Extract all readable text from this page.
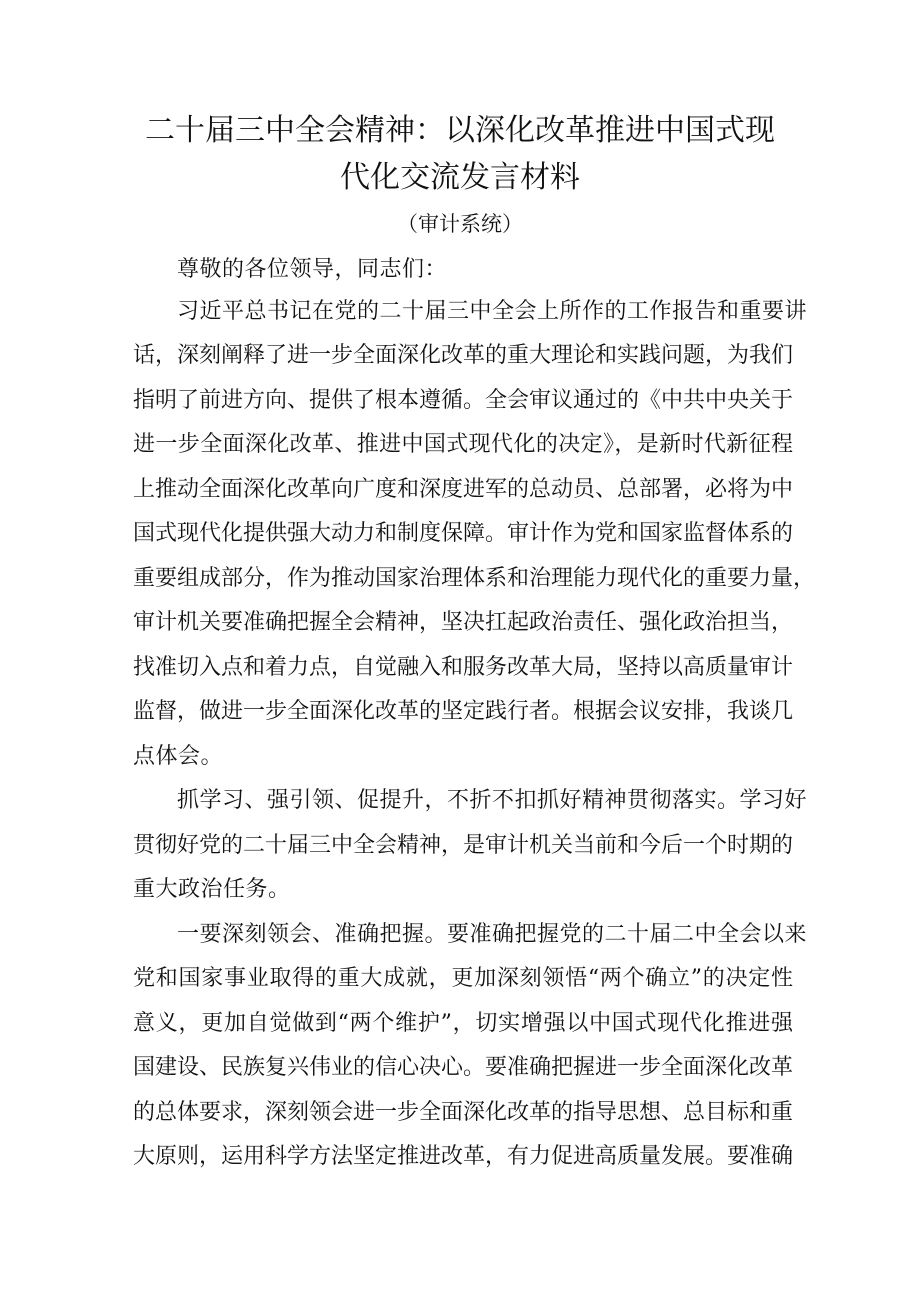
二十届三中全会精神：以深化改革推进中国式现
代化交流发言材料
（审计系统）
尊敬的各位领导，同志们：
习近平总书记在党的二十届三中全会上所作的工作报告和重要讲
话，深刻阐释了进一步全面深化改革的重大理论和实践问题，为我们
指明了前进方向、提供了根本遵循。全会审议通过的《中共中央关于
进一步全面深化改革、推进中国式现代化的决定》，是新时代新征程
上推动全面深化改革向广度和深度进军的总动员、总部署，必将为中
国式现代化提供强大动力和制度保障。审计作为党和国家监督体系的
重要组成部分，作为推动国家治理体系和治理能力现代化的重要力量，
审计机关要准确把握全会精神，坚决扛起政治责任、强化政治担当，
找准切入点和着力点，自觉融入和服务改革大局，坚持以高质量审计
监督，做进一步全面深化改革的坚定践行者。根据会议安排，我谈几
点体会。
抓学习、强引领、促提升，不折不扣抓好精神贯彻落实。学习好
贯彻好党的二十届三中全会精神，是审计机关当前和今后一个时期的
重大政治任务。
一要深刻领会、准确把握。要准确把握党的二十届二中全会以来
党和国家事业取得的重大成就，更加深刻领悟“两个确立”的决定性
意义，更加自觉做到“两个维护”，切实增强以中国式现代化推进强
国建设、民族复兴伟业的信心决心。要准确把握进一步全面深化改革
的总体要求，深刻领会进一步全面深化改革的指导思想、总目标和重
大原则，运用科学方法坚定推进改革，有力促进高质量发展。要准确
